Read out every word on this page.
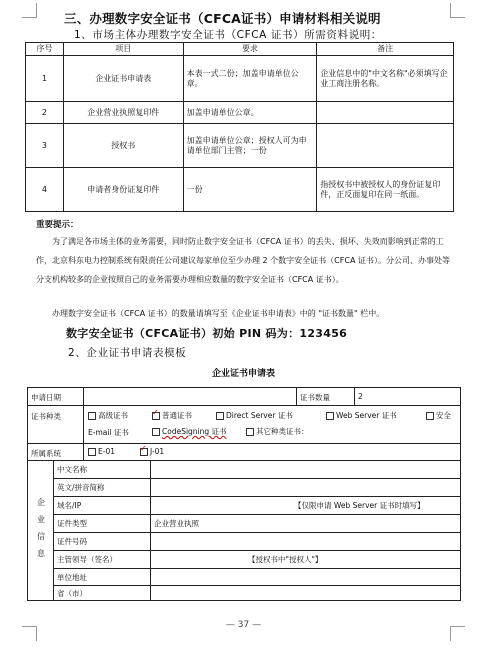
三、办理数字安全证书（CFCA证书）申请材料相关说明
1、市场主体办理数字安全证书（CFCA 证书）所需资料说明：
序号	项目	要求	备注
1	企业证书申请表	本表一式二份；加盖申请单位公章。	企业信息中的"中文名称"必须填写企业工商注册名称。
2	企业营业执照复印件	加盖申请单位公章。	
3	授权书	加盖申请单位公章；授权人可为申请单位部门主管；一份	
4	申请者身份证复印件	一份	指授权书中被授权人的身份证复印件，正反面复印在同一纸面。
重要提示：
为了满足各市场主体的业务需要，同时防止数字安全证书（CFCA 证书）的丢失、损坏、失效而影响到正常的工作，北京科东电力控制系统有限责任公司建议每家单位至少办理 2 个数字安全证书（CFCA 证书）。分公司、办事处等分支机构较多的企业按照自己的业务需要办理相应数量的数字安全证书（CFCA 证书）。
办理数字安全证书（CFCA 证书）的数量请填写至《企业证书申请表》中的 "证书数量" 栏中。
数字安全证书（CFCA证书）初始 PIN 码为：123456
2、企业证书申请表模板
企业证书申请表
申请日期	证书数量	2
证书种类	高级证书 ✓	普通证书	Direct Server 证书	Web Server 证书	安全
E-mail 证书	CodeSigning 证书	其它种类证书：
所属系统	E-01 ✓	J-01
企业信息
中文名称
英文/拼音简称
域名/IP	【仅限申请 Web Server 证书时填写】
证件类型	企业营业执照
证件号码
主管领导（签名）	【授权书中"授权人"】
单位地址
省（市）
— 37 —
